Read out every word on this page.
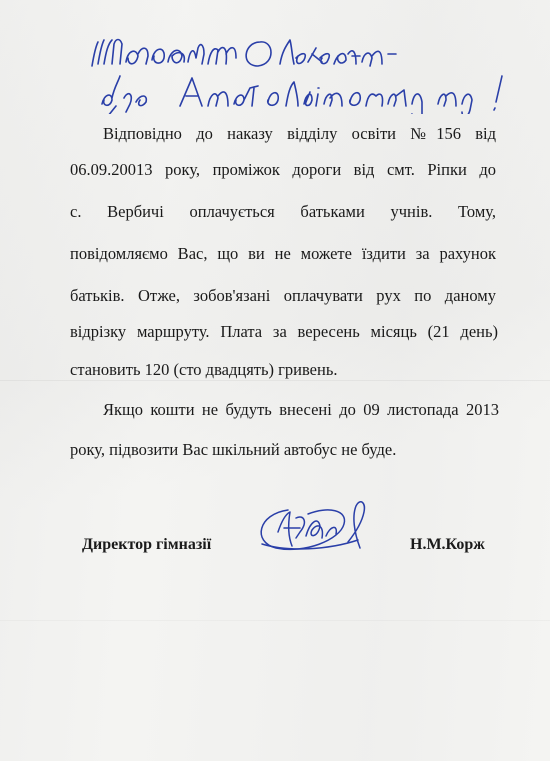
Відповідно до наказу відділу освіти №156 від
06.09.20013 року, проміжок дороги від смт. Ріпки до
с. Вербичі оплачується батьками учнів. Тому,
повідомляємо Вас, що ви не можете їздити за рахунок
батьків. Отже, зобов'язані оплачувати рух по даному
відрізку маршруту. Плата за вересень місяць (21 день)
становить 120 (сто двадцять) гривень.
Якщо кошти не будуть внесені до 09 листопада 2013
року, підвозити Вас шкільний автобус не буде.
Директор гімназії	Н.М.Корж
